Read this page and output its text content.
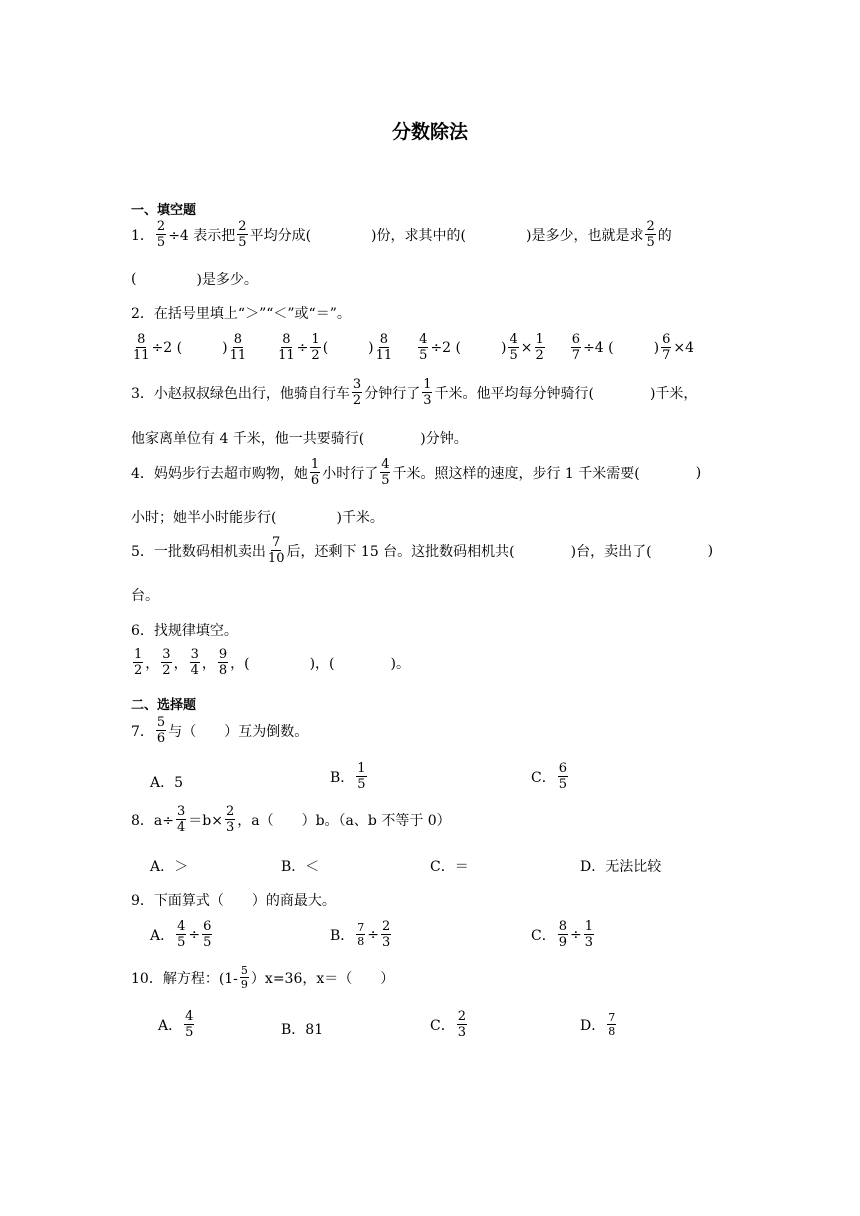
分数除法
一、填空题
1． $\frac{2}{5} \div 4$ 表示把 $\frac{2}{5}$ 平均分成(	)份，求其中的(	)是多少，也就是求 $\frac{2}{5}$ 的
(	)是多少。
2．在括号里填上“＞”“＜”或“＝”。
$\frac{8}{11} \div 2$ (	) $\frac{8}{11} \frac{8}{11} \div \frac{1}{2}$ (	) $\frac{8}{11} \frac{4}{5} \div 2$ (	) $\frac{4}{5} \times \frac{1}{2} \frac{6}{7} \div 4$ (	) $\frac{6}{7} \times 4$
3．小赵叔叔绿色出行，他骑自行车 $\frac{3}{2}$ 分钟行了 $\frac{1}{3}$ 千米。他平均每分钟骑行(	)千米，
他家离单位有 4 千米，他一共要骑行(	)分钟。
4．妈妈步行去超市购物，她 $\frac{1}{6}$ 小时行了 $\frac{4}{5}$ 千米。照这样的速度，步行 1 千米需要(	)
小时；她半小时能步行(	)千米。
5．一批数码相机卖出 $\frac{7}{10}$ 后，还剩下 15 台。这批数码相机共(	)台，卖出了(	)
台。
6．找规律填空。
$\frac{1}{2}$ ， $\frac{3}{2}$ ， $\frac{3}{4}$ ， $\frac{9}{8}$ ，(	)，(	)。
二、选择题
7． $\frac{5}{6}$ 与（　　）互为倒数。
A．5	B． $\frac{1}{5}$	C． $\frac{6}{5}$
8．$a\div \frac{3}{4} =b\times \frac{2}{3}$ ，a（　　）b。（a、b 不等于 0）
A．＞	B．＜	C．＝	D．无法比较
9．下面算式（　　）的商最大。
A． $\frac{4}{5} \div \frac{6}{5}$	B． $\frac{7}{8} \div \frac{2}{3}$	C． $\frac{8}{9} \div \frac{1}{3}$
10．解方程：$(1- \frac{5}{9} )x=36$，x＝（　　）
A． $\frac{4}{5}$	B．81	C． $\frac{2}{3}$	D． $\frac{7}{8}$
